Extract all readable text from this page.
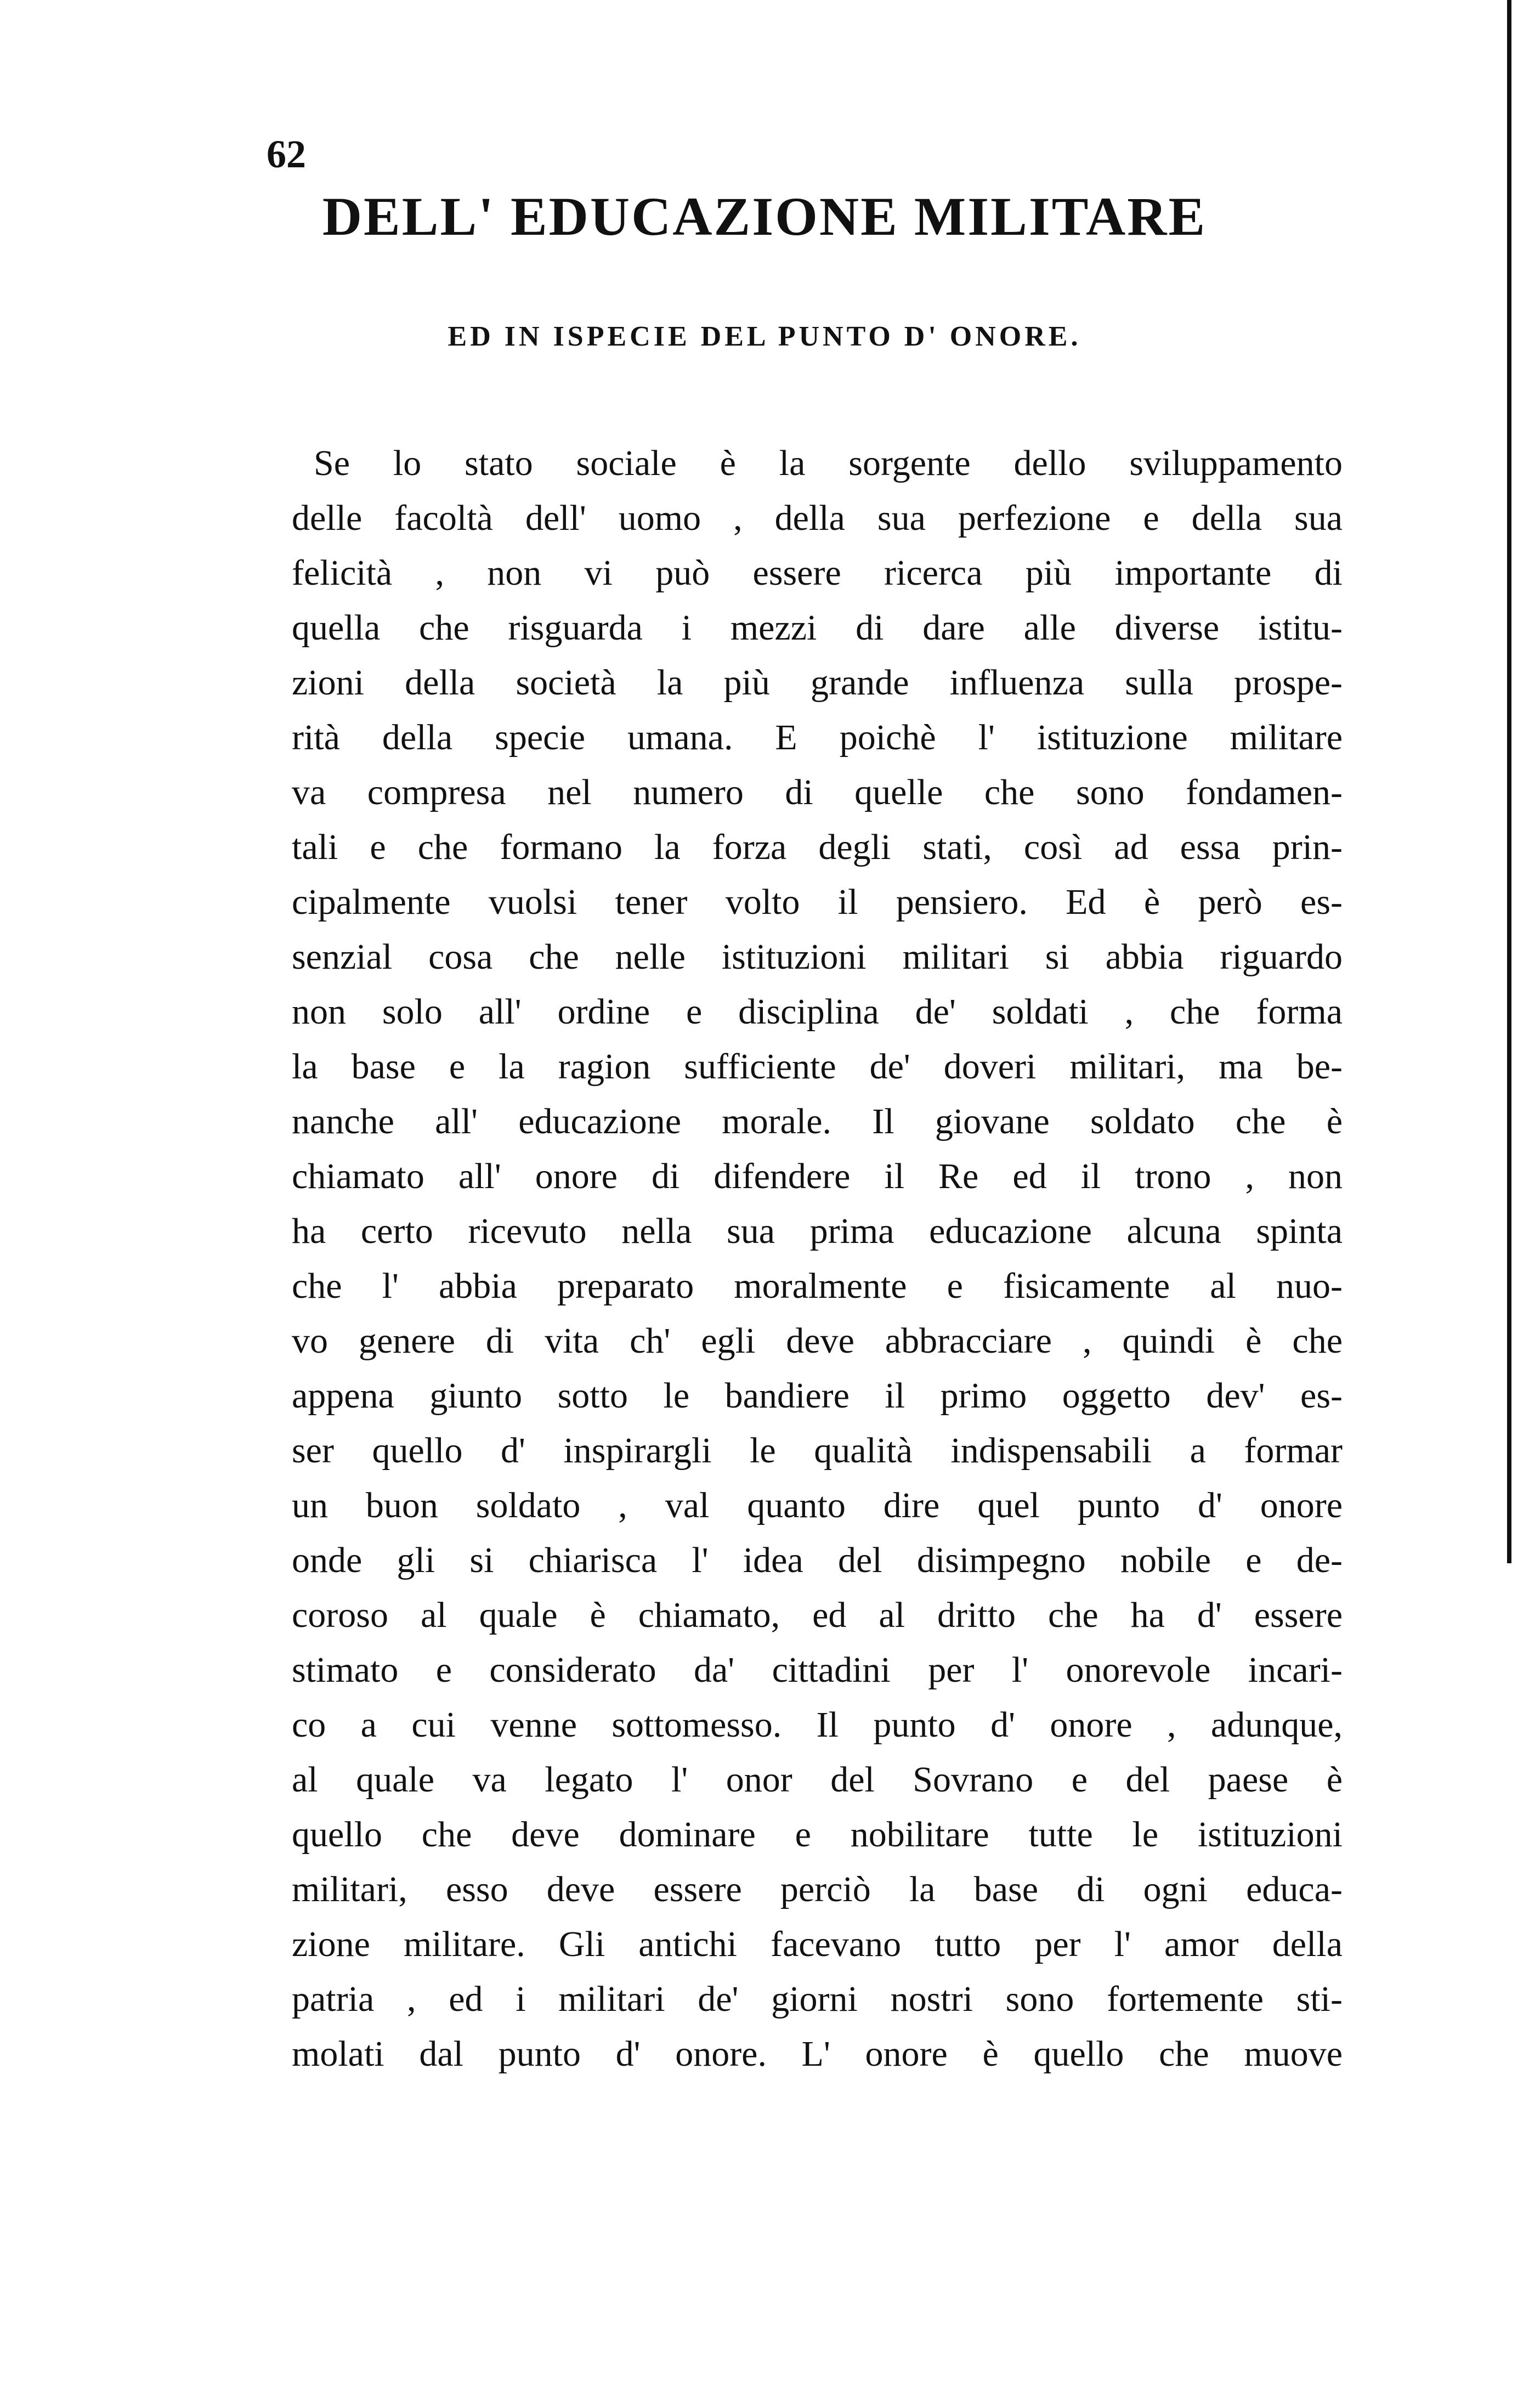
62
DELL' EDUCAZIONE MILITARE
ED IN ISPECIE DEL PUNTO D' ONORE.
Se lo stato sociale è la sorgente dello sviluppamento
delle facoltà dell' uomo , della sua perfezione e della sua
felicità , non vi può essere ricerca più importante di
quella che risguarda i mezzi di dare alle diverse istitu-
zioni della società la più grande influenza sulla prospe-
rità della specie umana. E poichè l' istituzione militare
va compresa nel numero di quelle che sono fondamen-
tali e che formano la forza degli stati, così ad essa prin-
cipalmente vuolsi tener volto il pensiero. Ed è però es-
senzial cosa che nelle istituzioni militari si abbia riguardo
non solo all' ordine e disciplina de' soldati , che forma
la base e la ragion sufficiente de' doveri militari, ma be-
nanche all' educazione morale. Il giovane soldato che è
chiamato all' onore di difendere il Re ed il trono , non
ha certo ricevuto nella sua prima educazione alcuna spinta
che l' abbia preparato moralmente e fisicamente al nuo-
vo genere di vita ch' egli deve abbracciare , quindi è che
appena giunto sotto le bandiere il primo oggetto dev' es-
ser quello d' inspirargli le qualità indispensabili a formar
un buon soldato , val quanto dire quel punto d' onore
onde gli si chiarisca l' idea del disimpegno nobile e de-
coroso al quale è chiamato, ed al dritto che ha d' essere
stimato e considerato da' cittadini per l' onorevole incari-
co a cui venne sottomesso. Il punto d' onore , adunque,
al quale va legato l' onor del Sovrano e del paese è
quello che deve dominare e nobilitare tutte le istituzioni
militari, esso deve essere perciò la base di ogni educa-
zione militare. Gli antichi facevano tutto per l' amor della
patria , ed i militari de' giorni nostri sono fortemente sti-
molati dal punto d' onore. L' onore è quello che muove
